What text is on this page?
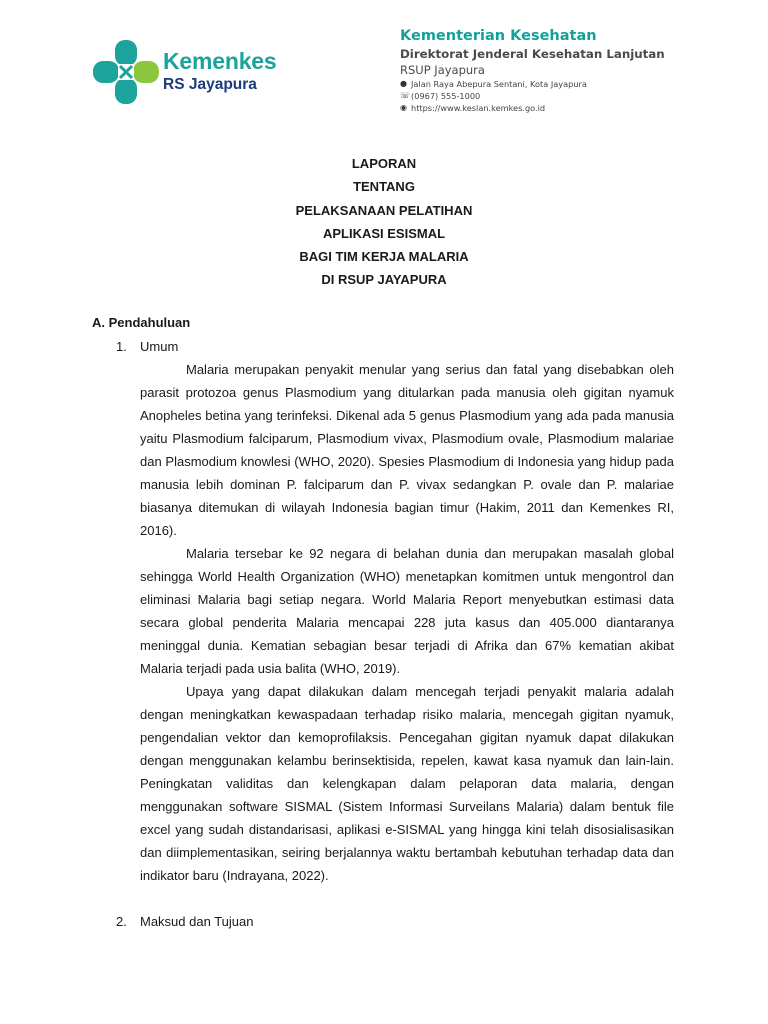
Kemenkes
RS Jayapura
Kementerian Kesehatan
Direktorat Jenderal Kesehatan Lanjutan
RSUP Jayapura
● Jalan Raya Abepura Sentani, Kota Jayapura
☏ (0967) 555-1000
◉ https://www.keslan.kemkes.go.id
LAPORAN
TENTANG
PELAKSANAAN PELATIHAN
APLIKASI ESISMAL
BAGI TIM KERJA MALARIA
DI RSUP JAYAPURA
A. Pendahuluan
1. Umum

Malaria merupakan penyakit menular yang serius dan fatal yang disebabkan oleh parasit protozoa genus Plasmodium yang ditularkan pada manusia oleh gigitan nyamuk Anopheles betina yang terinfeksi. Dikenal ada 5 genus Plasmodium yang ada pada manusia yaitu Plasmodium falciparum, Plasmodium vivax, Plasmodium ovale, Plasmodium malariae dan Plasmodium knowlesi (WHO, 2020). Spesies Plasmodium di Indonesia yang hidup pada manusia lebih dominan P. falciparum dan P. vivax sedangkan P. ovale dan P. malariae biasanya ditemukan di wilayah Indonesia bagian timur (Hakim, 2011 dan Kemenkes RI, 2016).

Malaria tersebar ke 92 negara di belahan dunia dan merupakan masalah global sehingga World Health Organization (WHO) menetapkan komitmen untuk mengontrol dan eliminasi Malaria bagi setiap negara. World Malaria Report menyebutkan estimasi data secara global penderita Malaria mencapai 228 juta kasus dan 405.000 diantaranya meninggal dunia. Kematian sebagian besar terjadi di Afrika dan 67% kematian akibat Malaria terjadi pada usia balita (WHO, 2019).

Upaya yang dapat dilakukan dalam mencegah terjadi penyakit malaria adalah dengan meningkatkan kewaspadaan terhadap risiko malaria, mencegah gigitan nyamuk, pengendalian vektor dan kemoprofilaksis. Pencegahan gigitan nyamuk dapat dilakukan dengan menggunakan kelambu berinsektisida, repelen, kawat kasa nyamuk dan lain-lain. Peningkatan validitas dan kelengkapan dalam pelaporan data malaria, dengan menggunakan software SISMAL (Sistem Informasi Surveilans Malaria) dalam bentuk file excel yang sudah distandarisasi, aplikasi e-SISMAL yang hingga kini telah disosialisasikan dan diimplementasikan, seiring berjalannya waktu bertambah kebutuhan terhadap data dan indikator baru (Indrayana, 2022).

2. Maksud dan Tujuan
